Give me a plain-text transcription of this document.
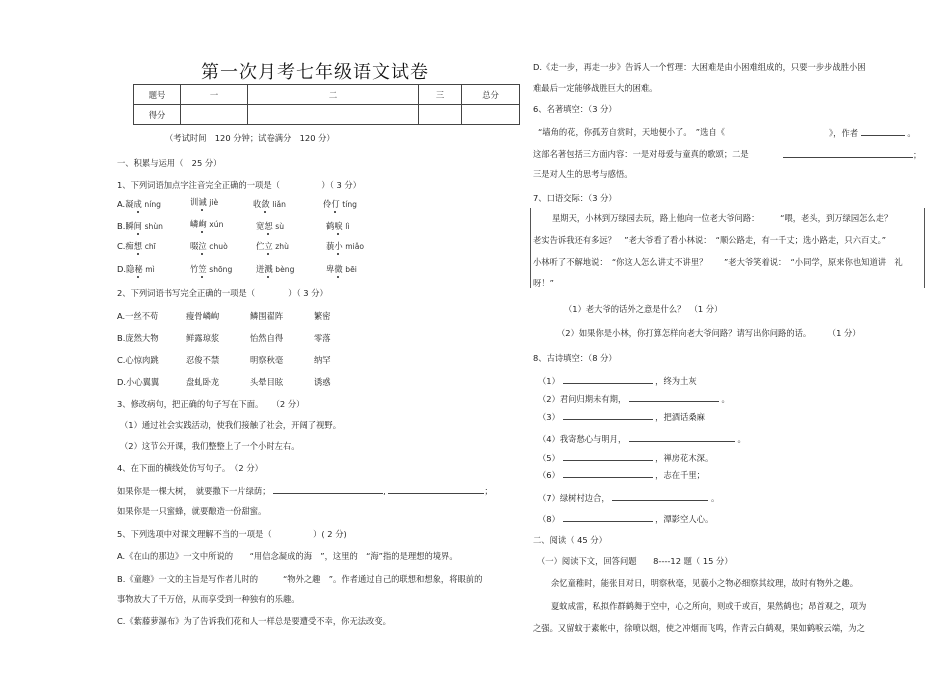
第一次月考七年级语文试卷
题号	一	二	三	总分
得分				
（考试时间　120 分钟；试卷满分　120 分）
一、积累与运用（　25 分）
1、下列词语加点字注音完全正确的一项是（　　　　　）（ 3 分）
A.凝成 níng	训诫 jiè	收敛 liǎn	伶仃 tíng
B.瞬间 shùn	嶙峋 xún	宽恕 sù	鹤唳 lì
C.痴想 chī	啜泣 chuò	伫立 zhù	藐小 miǎo
D.隐秘 mì	竹笠 shōng	迸溅 bèng	卑微 bēi
2、下列词语书写完全正确的一项是（　　　　）（ 3 分）
A.一丝不苟	瘦骨嶙峋	鳞围翟阵	繁密
B.庞然大物	鲜露琼浆	怡然自得	零落
C.心惊肉跳	忍俊不禁	明察秋毫	纳罕
D.小心翼翼	盘虬卧龙	头晕目眩	诱惑
3、修改病句，把正确的句子写在下面。　　（2 分）
（1）通过社会实践活动，使我们接触了社会，开阔了视野。
（2）这节公开课，我们整整上了一个小时左右。
4、在下面的横线处仿写句子。　（2 分）
如果你是一棵大树，　就要撒下一片绿荫；	,	；
如果你是一只蜜蜂，就要酿造一份甜蜜。
5、下列选项中对课文理解不当的一项是（　　　　　）( 2 分)
A.《在山的那边》一文中所说的　　“用信念凝成的海　”，这里的　“海”指的是理想的境界。
B.《童趣》一文的主旨是写作者儿时的　　　“物外之趣　”。作者通过自己的联想和想象，将眼前的
事物放大了千万倍，从而享受到一种独有的乐趣。
C.《紫藤萝瀑布》为了告诉我们花和人一样总是要遭受不幸，你无法改变。
D.《走一步，再走一步》告诉人一个哲理：大困难是由小困难组成的，只要一步步战胜小困
难最后一定能够战胜巨大的困难。
6、名著填空：（3 分）
“墙角的花，你孤芳自赏时，天地便小了。　”选自《	》，作者	。
这部名著包括三方面内容：一是对母爱与童真的歌颂；二是	；
三是对人生的思考与感悟。
7、口语交际：（3 分）
星期天，小林到万绿园去玩，路上他向一位老大爷问路：　　　“喂，老头，到万绿园怎么走？
老实告诉我还有多远？　”老大爷看了看小林说：　“顺公路走，有一千丈；选小路走，只六百丈。”
小林听了不解地说：　“你这人怎么讲丈不讲里？　　”老大爷笑着说：　“小同学，原来你也知道讲　礼
呀！”
（1）老大爷的话外之意是什么？　（1 分）
（2）如果你是小林，你打算怎样向老大爷问路？请写出你问路的话。　　　（1 分）
8、古诗填空：（8 分）
（1）	，终为土灰
（2）君问归期未有期，	。
（3）	，把酒话桑麻
（4）我寄愁心与明月，	。
（5）	，禅房花木深。
（6）	，志在千里；
（7）绿树村边合，	。
（8）	，潭影空人心。
二、阅读（ 45 分）
（一）阅读下文，回答问题　　8----12 题（ 15 分）
余忆童稚时，能张目对日，明察秋毫，见藐小之物必细察其纹理，故时有物外之趣。
夏蚊成雷，私拟作群鹤舞于空中，心之所向，则或千或百，果然鹤也；昂首观之，项为
之强。又留蚊于素帐中，徐喷以烟，使之冲烟而飞鸣，作青云白鹤观，果如鹤唳云端，为之
